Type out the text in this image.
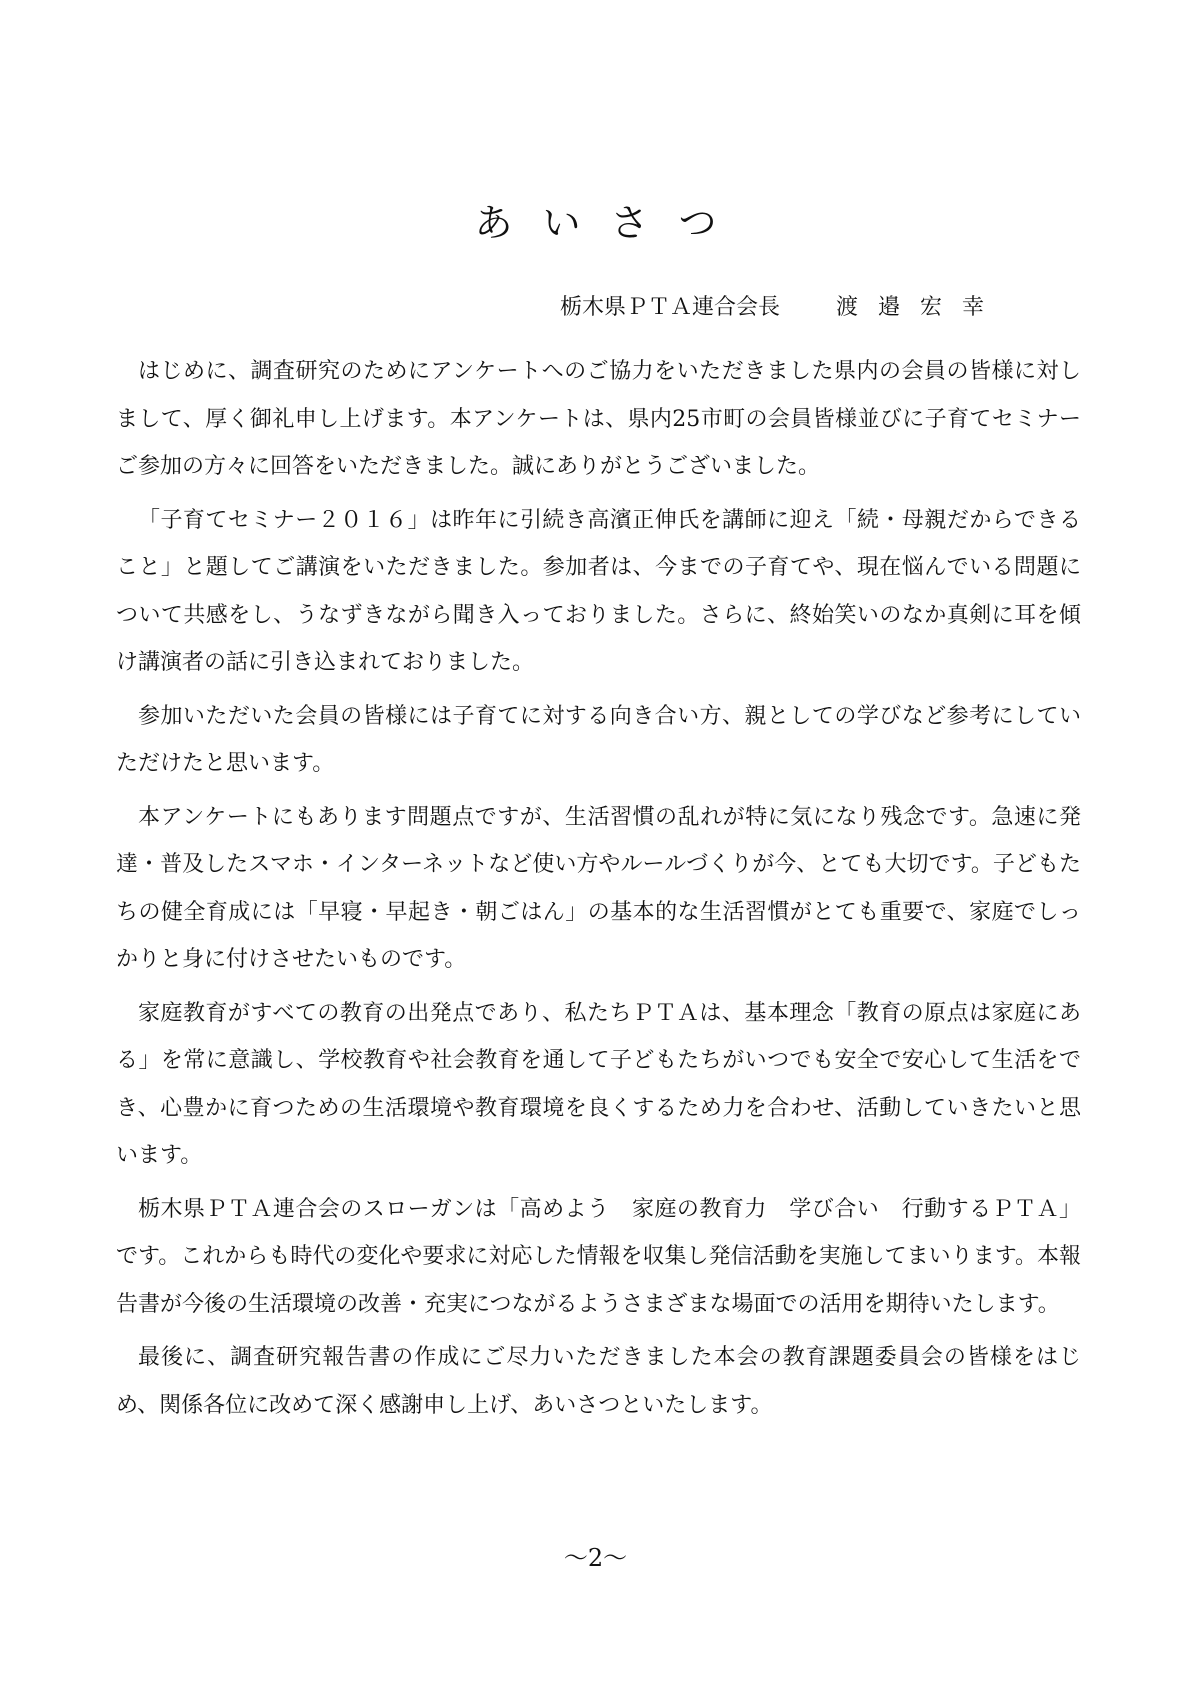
あいさつ
栃木県ＰＴＡ連合会長	渡邉宏幸

はじめに、調査研究のためにアンケートへのご協力をいただきました県内の会員の皆様に対しまして、厚く御礼申し上げます。本アンケートは、県内25市町の会員皆様並びに子育てセミナーご参加の方々に回答をいただきました。誠にありがとうございました。

「子育てセミナー２０１６」は昨年に引続き高濱正伸氏を講師に迎え「続・母親だからできること」と題してご講演をいただきました。参加者は、今までの子育てや、現在悩んでいる問題について共感をし、うなずきながら聞き入っておりました。さらに、終始笑いのなか真剣に耳を傾け講演者の話に引き込まれておりました。

参加いただいた会員の皆様には子育てに対する向き合い方、親としての学びなど参考にしていただけたと思います。

本アンケートにもあります問題点ですが、生活習慣の乱れが特に気になり残念です。急速に発達・普及したスマホ・インターネットなど使い方やルールづくりが今、とても大切です。子どもたちの健全育成には「早寝・早起き・朝ごはん」の基本的な生活習慣がとても重要で、家庭でしっかりと身に付けさせたいものです。

家庭教育がすべての教育の出発点であり、私たちＰＴＡは、基本理念「教育の原点は家庭にある」を常に意識し、学校教育や社会教育を通して子どもたちがいつでも安全で安心して生活をでき、心豊かに育つための生活環境や教育環境を良くするため力を合わせ、活動していきたいと思います。

栃木県ＰＴＡ連合会のスローガンは「高めよう　家庭の教育力　学び合い　行動するＰＴＡ」です。これからも時代の変化や要求に対応した情報を収集し発信活動を実施してまいります。本報告書が今後の生活環境の改善・充実につながるようさまざまな場面での活用を期待いたします。

最後に、調査研究報告書の作成にご尽力いただきました本会の教育課題委員会の皆様をはじめ、関係各位に改めて深く感謝申し上げ、あいさつといたします。

～2～
